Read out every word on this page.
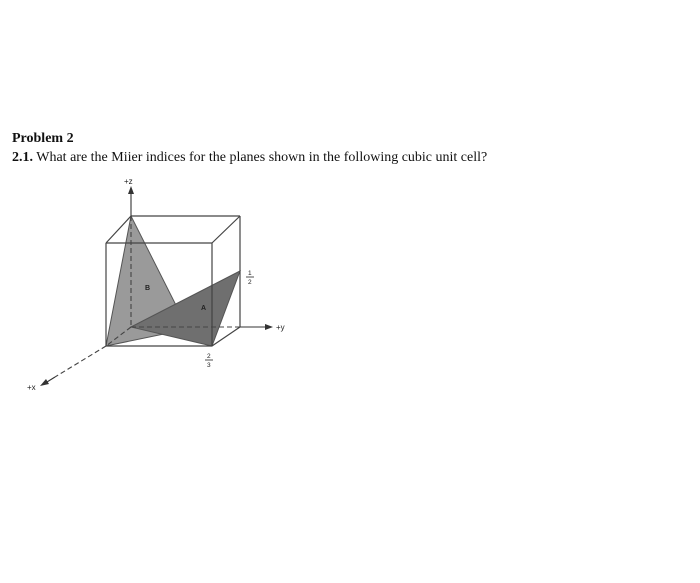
Problem 2
2.1. What are the Miier indices for the planes shown in the following cubic unit cell?
+z
+y
+x
B
A
1
2
2
3
